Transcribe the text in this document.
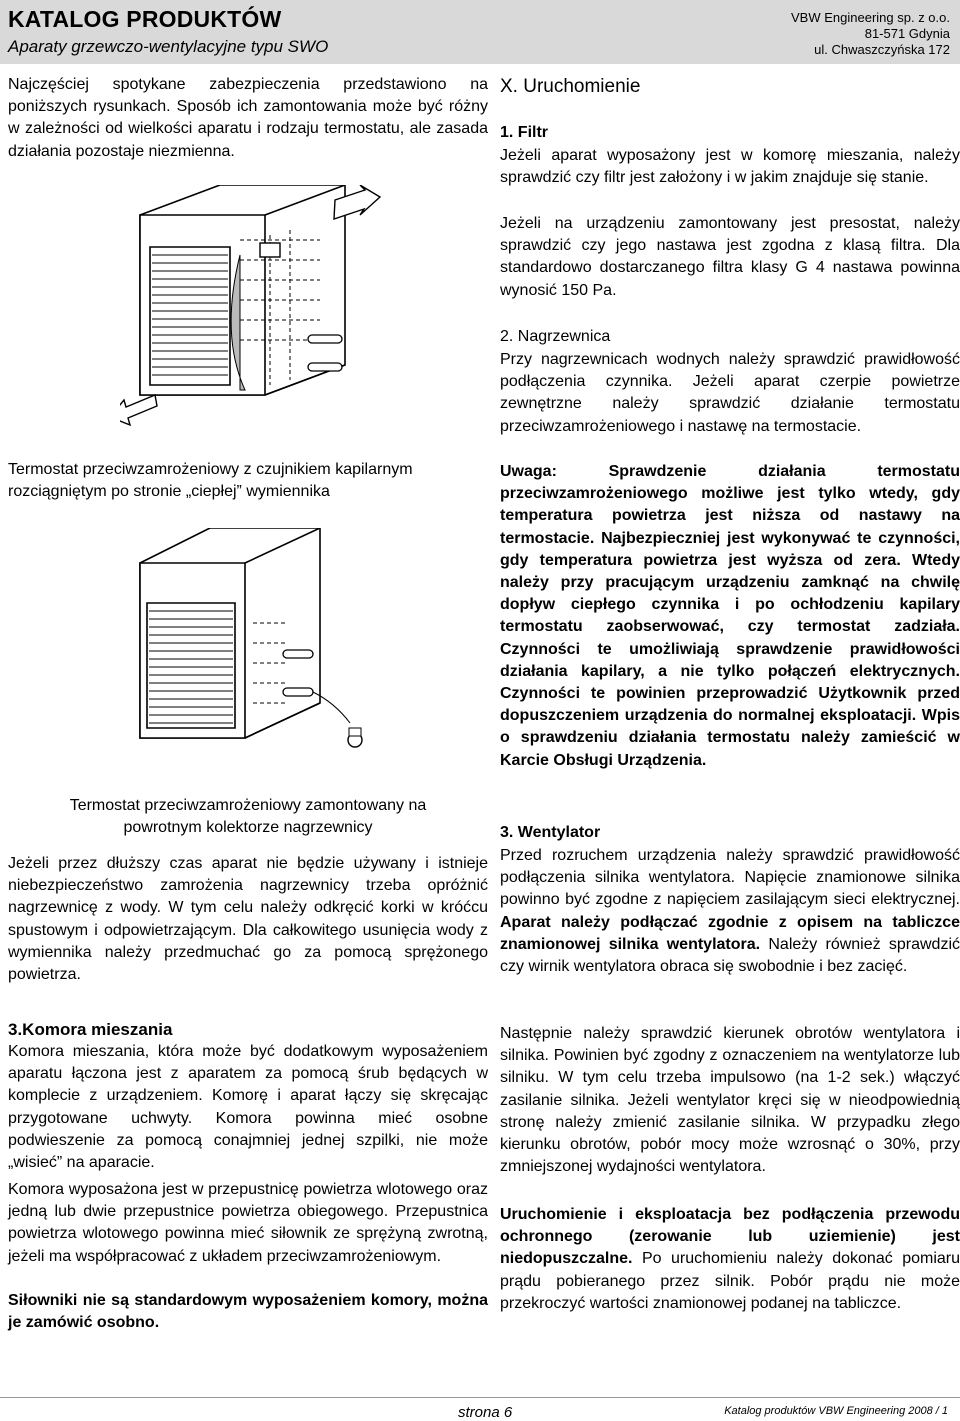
KATALOG PRODUKTÓW
Aparaty grzewczo-wentylacyjne typu SWO
VBW Engineering sp. z o.o.
81-571 Gdynia
ul. Chwaszczyńska 172
Najczęściej spotykane zabezpieczenia przedstawiono na poniższych rysunkach. Sposób ich zamontowania może być różny w zależności od wielkości aparatu i rodzaju termostatu, ale zasada działania pozostaje niezmienna.
Termostat przeciwzamrożeniowy z czujnikiem kapilarnym rozciągniętym po stronie „ciepłej” wymiennika
Termostat przeciwzamrożeniowy zamontowany na
powrotnym kolektorze nagrzewnicy
Jeżeli przez dłuższy czas aparat nie będzie używany i istnieje niebezpieczeństwo zamrożenia nagrzewnicy trzeba opróżnić nagrzewnicę z wody. W tym celu należy odkręcić korki w króćcu spustowym i odpowietrzającym. Dla całkowitego usunięcia wody z wymiennika należy przedmuchać go za pomocą sprężonego powietrza.
3.Komora mieszania
Komora mieszania, która może być dodatkowym wyposażeniem aparatu łączona jest z aparatem za pomocą śrub będących w komplecie z urządzeniem. Komorę i aparat łączy się skręcając przygotowane uchwyty. Komora powinna mieć osobne podwieszenie za pomocą conajmniej jednej szpilki, nie może „wisieć” na aparacie.
Komora wyposażona jest w przepustnicę powietrza wlotowego oraz jedną lub dwie przepustnice powietrza obiegowego. Przepustnica powietrza wlotowego powinna mieć siłownik ze sprężyną zwrotną, jeżeli ma współpracować z układem przeciwzamrożeniowym.
Siłowniki nie są standardowym wyposażeniem komory, można je zamówić osobno.
X. Uruchomienie
1. Filtr
Jeżeli aparat wyposażony jest w komorę mieszania, należy sprawdzić czy filtr jest założony i w jakim znajduje się stanie.
Jeżeli na urządzeniu zamontowany jest presostat, należy sprawdzić czy jego nastawa jest zgodna z klasą filtra. Dla standardowo dostarczanego filtra klasy G 4 nastawa powinna wynosić 150 Pa.
2. Nagrzewnica
Przy nagrzewnicach wodnych należy sprawdzić prawidłowość podłączenia czynnika. Jeżeli aparat czerpie powietrze zewnętrzne należy sprawdzić działanie termostatu przeciwzamrożeniowego i nastawę na termostacie.
Uwaga: Sprawdzenie działania termostatu przeciwzamrożeniowego możliwe jest tylko wtedy, gdy temperatura powietrza jest niższa od nastawy na termostacie. Najbezpieczniej jest wykonywać te czynności, gdy temperatura powietrza jest wyższa od zera. Wtedy należy przy pracującym urządzeniu zamknąć na chwilę dopływ ciepłego czynnika i po ochłodzeniu kapilary termostatu zaobserwować, czy termostat zadziała. Czynności te umożliwiają sprawdzenie prawidłowości działania kapilary, a nie tylko połączeń elektrycznych. Czynności te powinien przeprowadzić Użytkownik przed dopuszczeniem urządzenia do normalnej eksploatacji. Wpis o sprawdzeniu działania termostatu należy zamieścić w Karcie Obsługi Urządzenia.
3. Wentylator
Przed rozruchem urządzenia należy sprawdzić prawidłowość podłączenia silnika wentylatora. Napięcie znamionowe silnika powinno być zgodne z napięciem zasilającym sieci elektrycznej. Aparat należy podłączać zgodnie z opisem na tabliczce znamionowej silnika wentylatora. Należy również sprawdzić czy wirnik wentylatora obraca się swobodnie i bez zacięć.
Następnie należy sprawdzić kierunek obrotów wentylatora i silnika. Powinien być zgodny z oznaczeniem na wentylatorze lub silniku. W tym celu trzeba impulsowo (na 1-2 sek.) włączyć zasilanie silnika. Jeżeli wentylator kręci się w nieodpowiednią stronę należy zmienić zasilanie silnika. W przypadku złego kierunku obrotów, pobór mocy może wzrosnąć o 30%, przy zmniejszonej wydajności wentylatora.
Uruchomienie i eksploatacja bez podłączenia przewodu ochronnego (zerowanie lub uziemienie) jest niedopuszczalne. Po uruchomieniu należy dokonać pomiaru prądu pobieranego przez silnik. Pobór prądu nie może przekroczyć wartości znamionowej podanej na tabliczce.
strona 6	Katalog produktów VBW Engineering 2008 / 1
